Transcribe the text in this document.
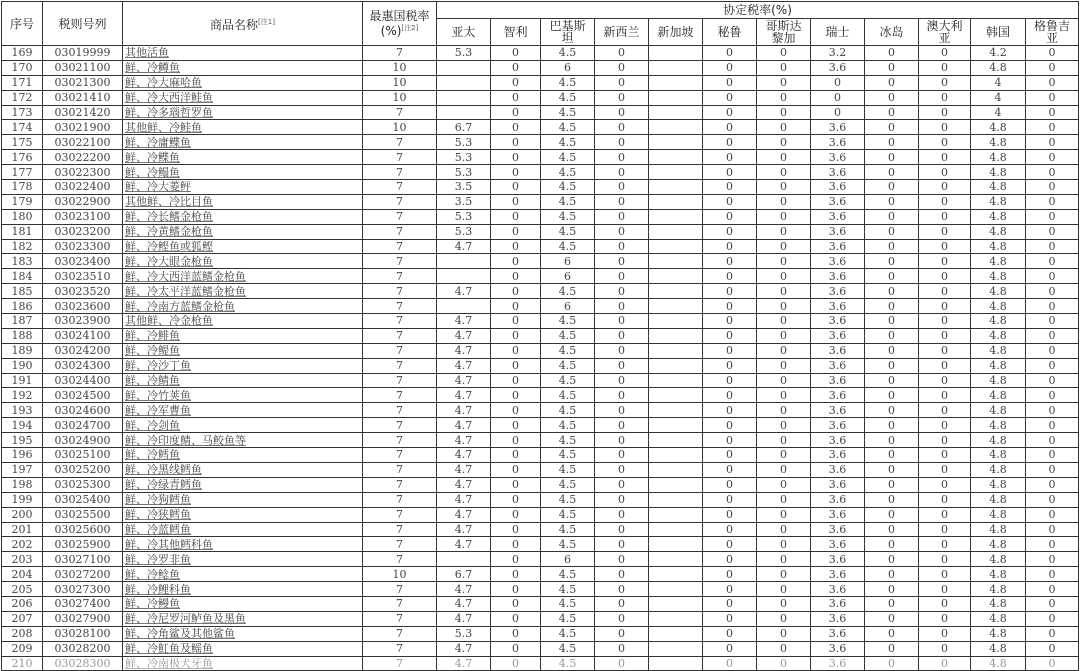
序号	税则号列	商品名称[注1]	最惠国税率
(%)[注2]	协定税率(%)											
				亚太	智利	巴基斯坦	新西兰	新加坡	秘鲁	哥斯达黎加	瑞士	冰岛	澳大利亚	韩国	格鲁吉亚
169	03019999	其他活鱼	7	5.3	0	4.5	0		0	0	3.2	0	0	4.2	0
170	03021100	鲜、冷鳟鱼	10		0	6	0		0	0	3.6	0	0	4.8	0
171	03021300	鲜、冷大麻哈鱼	10		0	4.5	0		0	0	0	0	0	4	0
172	03021410	鲜、冷大西洋鲑鱼	10		0	4.5	0		0	0	0	0	0	4	0
173	03021420	鲜、冷多瑙哲罗鱼	7		0	4.5	0		0	0	0	0	0	4	0
174	03021900	其他鲜、冷鲑鱼	10	6.7	0	4.5	0		0	0	3.6	0	0	4.8	0
175	03022100	鲜、冷庸鲽鱼	7	5.3	0	4.5	0		0	0	3.6	0	0	4.8	0
176	03022200	鲜、冷鲽鱼	7	5.3	0	4.5	0		0	0	3.6	0	0	4.8	0
177	03022300	鲜、冷鳎鱼	7	5.3	0	4.5	0		0	0	3.6	0	0	4.8	0
178	03022400	鲜、冷大菱鲆	7	3.5	0	4.5	0		0	0	3.6	0	0	4.8	0
179	03022900	其他鲜、冷比目鱼	7	3.5	0	4.5	0		0	0	3.6	0	0	4.8	0
180	03023100	鲜、冷长鳍金枪鱼	7	5.3	0	4.5	0		0	0	3.6	0	0	4.8	0
181	03023200	鲜、冷黄鳍金枪鱼	7	5.3	0	4.5	0		0	0	3.6	0	0	4.8	0
182	03023300	鲜、冷鲣鱼或狐鲣	7	4.7	0	4.5	0		0	0	3.6	0	0	4.8	0
183	03023400	鲜、冷大眼金枪鱼	7		0	6	0		0	0	3.6	0	0	4.8	0
184	03023510	鲜、冷大西洋蓝鳍金枪鱼	7		0	6	0		0	0	3.6	0	0	4.8	0
185	03023520	鲜、冷太平洋蓝鳍金枪鱼	7	4.7	0	4.5	0		0	0	3.6	0	0	4.8	0
186	03023600	鲜、冷南方蓝鳍金枪鱼	7		0	6	0		0	0	3.6	0	0	4.8	0
187	03023900	其他鲜、冷金枪鱼	7	4.7	0	4.5	0		0	0	3.6	0	0	4.8	0
188	03024100	鲜、冷鲱鱼	7	4.7	0	4.5	0		0	0	3.6	0	0	4.8	0
189	03024200	鲜、冷鳀鱼	7	4.7	0	4.5	0		0	0	3.6	0	0	4.8	0
190	03024300	鲜、冷沙丁鱼	7	4.7	0	4.5	0		0	0	3.6	0	0	4.8	0
191	03024400	鲜、冷鲭鱼	7	4.7	0	4.5	0		0	0	3.6	0	0	4.8	0
192	03024500	鲜、冷竹荚鱼	7	4.7	0	4.5	0		0	0	3.6	0	0	4.8	0
193	03024600	鲜、冷军曹鱼	7	4.7	0	4.5	0		0	0	3.6	0	0	4.8	0
194	03024700	鲜、冷剑鱼	7	4.7	0	4.5	0		0	0	3.6	0	0	4.8	0
195	03024900	鲜、冷印度鲭、马鲛鱼等	7	4.7	0	4.5	0		0	0	3.6	0	0	4.8	0
196	03025100	鲜、冷鳕鱼	7	4.7	0	4.5	0		0	0	3.6	0	0	4.8	0
197	03025200	鲜、冷黑线鳕鱼	7	4.7	0	4.5	0		0	0	3.6	0	0	4.8	0
198	03025300	鲜、冷绿青鳕鱼	7	4.7	0	4.5	0		0	0	3.6	0	0	4.8	0
199	03025400	鲜、冷狗鳕鱼	7	4.7	0	4.5	0		0	0	3.6	0	0	4.8	0
200	03025500	鲜、冷狭鳕鱼	7	4.7	0	4.5	0		0	0	3.6	0	0	4.8	0
201	03025600	鲜、冷蓝鳕鱼	7	4.7	0	4.5	0		0	0	3.6	0	0	4.8	0
202	03025900	鲜、冷其他鳕科鱼	7	4.7	0	4.5	0		0	0	3.6	0	0	4.8	0
203	03027100	鲜、冷罗非鱼	7		0	6	0		0	0	3.6	0	0	4.8	0
204	03027200	鲜、冷鲶鱼	10	6.7	0	4.5	0		0	0	3.6	0	0	4.8	0
205	03027300	鲜、冷鲤科鱼	7	4.7	0	4.5	0		0	0	3.6	0	0	4.8	0
206	03027400	鲜、冷鳗鱼	7	4.7	0	4.5	0		0	0	3.6	0	0	4.8	0
207	03027900	鲜、冷尼罗河鲈鱼及黑鱼	7	4.7	0	4.5	0		0	0	3.6	0	0	4.8	0
208	03028100	鲜、冷角鲨及其他鲨鱼	7	5.3	0	4.5	0		0	0	3.6	0	0	4.8	0
209	03028200	鲜、冷魟鱼及鳐鱼	7	4.7	0	4.5	0		0	0	3.6	0	0	4.8	0
210	03028300	鲜、冷南极犬牙鱼	7	4.7	0	4.5	0		0	0	3.6	0	0	4.8	0
